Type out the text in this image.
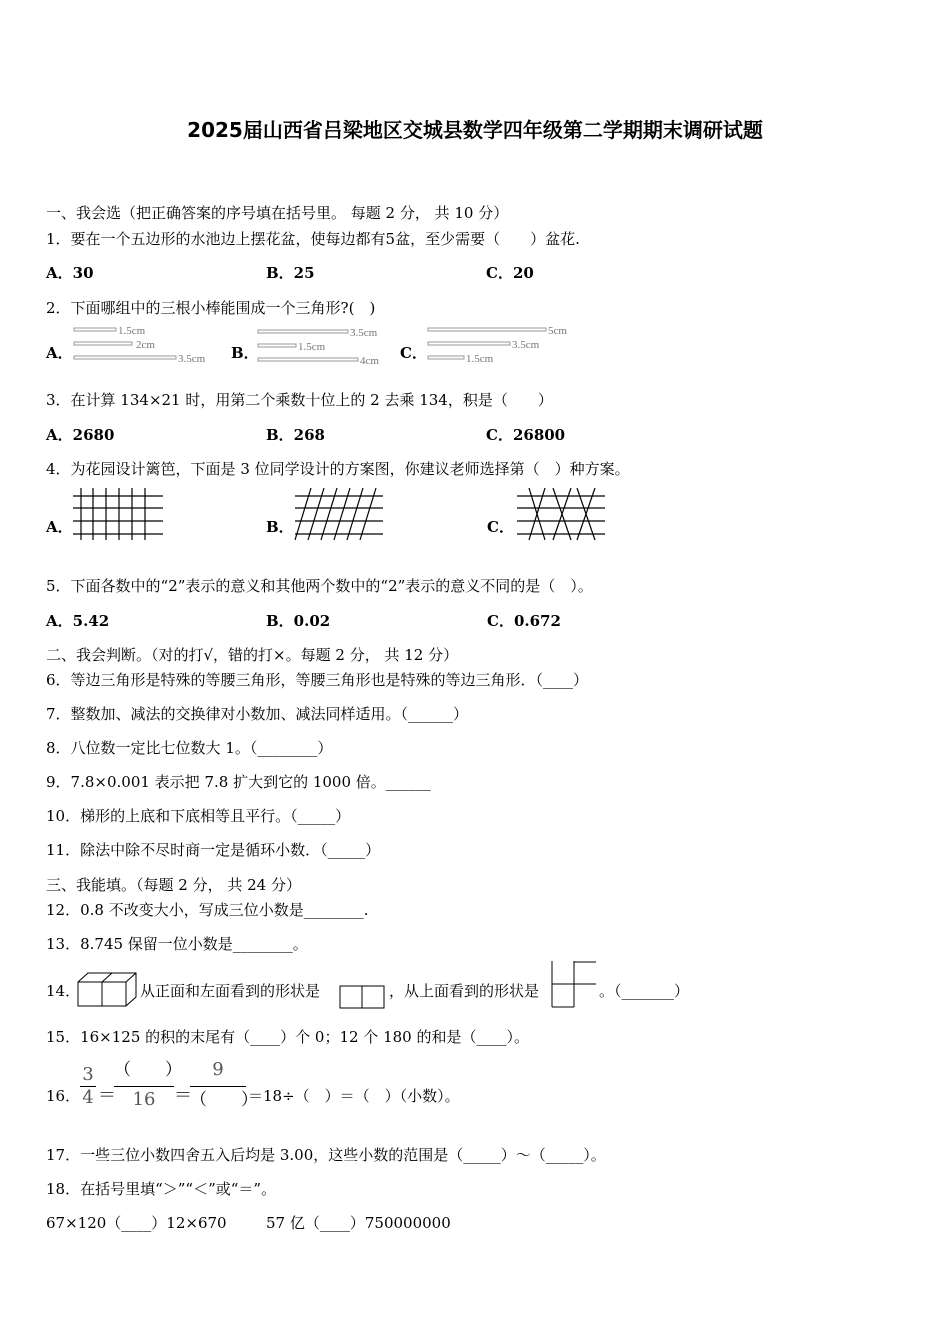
2025届山西省吕梁地区交城县数学四年级第二学期期末调研试题
一、我会选（把正确答案的序号填在括号里。 每题 2 分， 共 10 分）
1．要在一个五边形的水池边上摆花盆，使每边都有5盆，至少需要（　　）盆花.
A．30	B．25	C．20
2．下面哪组中的三根小棒能围成一个三角形?(　)
A．	B．	C．
1.5cm
2cm
3.5cm
3.5cm
1.5cm
4cm
5cm
3.5cm
1.5cm
3．在计算 134×21 时，用第二个乘数十位上的 2 去乘 134，积是（　　）
A．2680	B．268	C．26800
4．为花园设计篱笆，下面是 3 位同学设计的方案图，你建议老师选择第（　）种方案。
A．	B．	C．
5．下面各数中的“2”表示的意义和其他两个数中的“2”表示的意义不同的是（　）。
A．5.42	B．0.02	C．0.672
二、我会判断。（对的打√，错的打×。每题 2 分， 共 12 分）
6．等边三角形是特殊的等腰三角形，等腰三角形也是特殊的等边三角形．（____）
7．整数加、减法的交换律对小数加、减法同样适用。（______）
8．八位数一定比七位数大 1。（________）
9．7.8×0.001 表示把 7.8 扩大到它的 1000 倍。______
10．梯形的上底和下底相等且平行。（_____）
11．除法中除不尽时商一定是循环小数．（_____）
三、我能填。（每题 2 分， 共 24 分）
12．0.8 不改变大小，写成三位小数是________.
13．8.745 保留一位小数是________。
14．	从正面和左面看到的形状是	，从上面看到的形状是	。（_______）
15．16×125 的积的末尾有（____）个 0；12 个 180 的和是（____）。
16．
3
4 ＝
（　　）
16	＝
9
（　　）
＝18÷（　）＝（　）（小数）。
17．一些三位小数四舍五入后均是 3.00，这些小数的范围是（_____）～（_____）。
18．在括号里填“＞”“＜”或“＝”。
67×120（____）12×670	57 亿（____）750000000
